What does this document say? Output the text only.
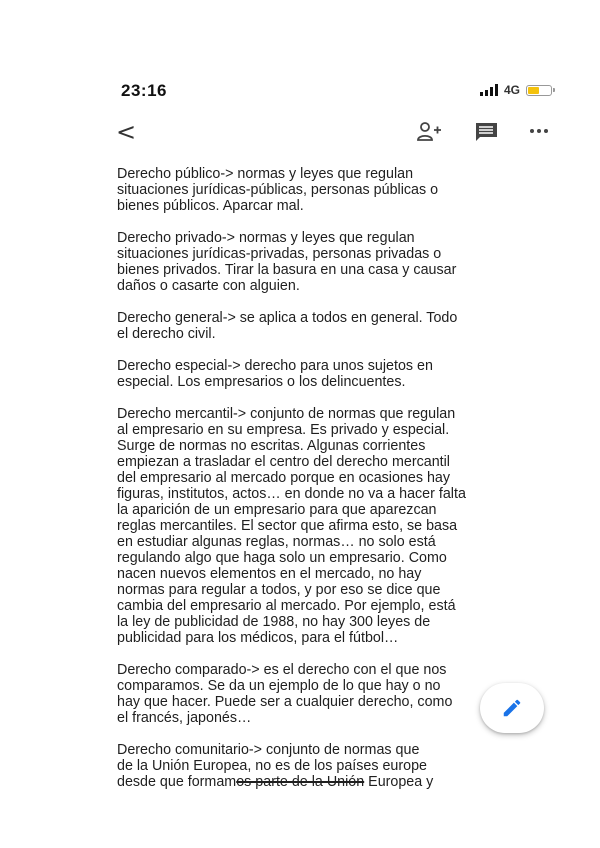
23:16	4G
<

Derecho público-> normas y leyes que regulan
situaciones jurídicas-públicas, personas públicas o
bienes públicos. Aparcar mal.

Derecho privado-> normas y leyes que regulan
situaciones jurídicas-privadas, personas privadas o
bienes privados. Tirar la basura en una casa y causar
daños o casarte con alguien.

Derecho general-> se aplica a todos en general. Todo
el derecho civil.

Derecho especial-> derecho para unos sujetos en
especial. Los empresarios o los delincuentes.

Derecho mercantil-> conjunto de normas que regulan
al empresario en su empresa. Es privado y especial.
Surge de normas no escritas. Algunas corrientes
empiezan a trasladar el centro del derecho mercantil
del empresario al mercado porque en ocasiones hay
figuras, institutos, actos… en donde no va a hacer falta
la aparición de un empresario para que aparezcan
reglas mercantiles. El sector que afirma esto, se basa
en estudiar algunas reglas, normas… no solo está
regulando algo que haga solo un empresario. Como
nacen nuevos elementos en el mercado, no hay
normas para regular a todos, y por eso se dice que
cambia del empresario al mercado. Por ejemplo, está
la ley de publicidad de 1988, no hay 300 leyes de
publicidad para los médicos, para el fútbol…

Derecho comparado-> es el derecho con el que nos
comparamos. Se da un ejemplo de lo que hay o no
hay que hacer. Puede ser a cualquier derecho, como
el francés, japonés…

Derecho comunitario-> conjunto de normas que
de la Unión Europea, no es de los países europe
desde que formamos parte de la Unión Europea y
